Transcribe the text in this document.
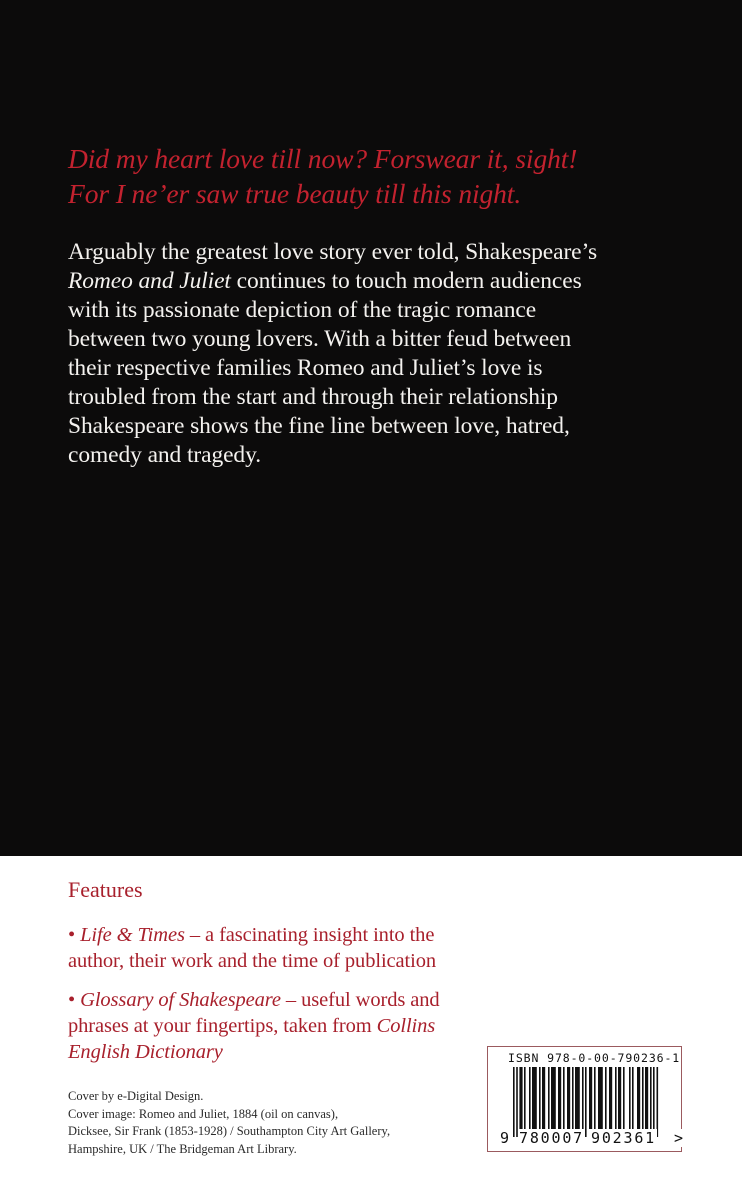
Did my heart love till now? Forswear it, sight!
For I ne’er saw true beauty till this night.
Arguably the greatest love story ever told, Shakespeare’s
Romeo and Juliet continues to touch modern audiences
with its passionate depiction of the tragic romance
between two young lovers. With a bitter feud between
their respective families Romeo and Juliet’s love is
troubled from the start and through their relationship
Shakespeare shows the fine line between love, hatred,
comedy and tragedy.
Features
• Life & Times – a fascinating insight into the
author, their work and the time of publication
• Glossary of Shakespeare – useful words and
phrases at your fingertips, taken from Collins
English Dictionary
Cover by e-Digital Design.
Cover image: Romeo and Juliet, 1884 (oil on canvas),
Dicksee, Sir Frank (1853-1928) / Southampton City Art Gallery,
Hampshire, UK / The Bridgeman Art Library.
ISBN 978-0-00-790236-1
9 780007 902361 >
